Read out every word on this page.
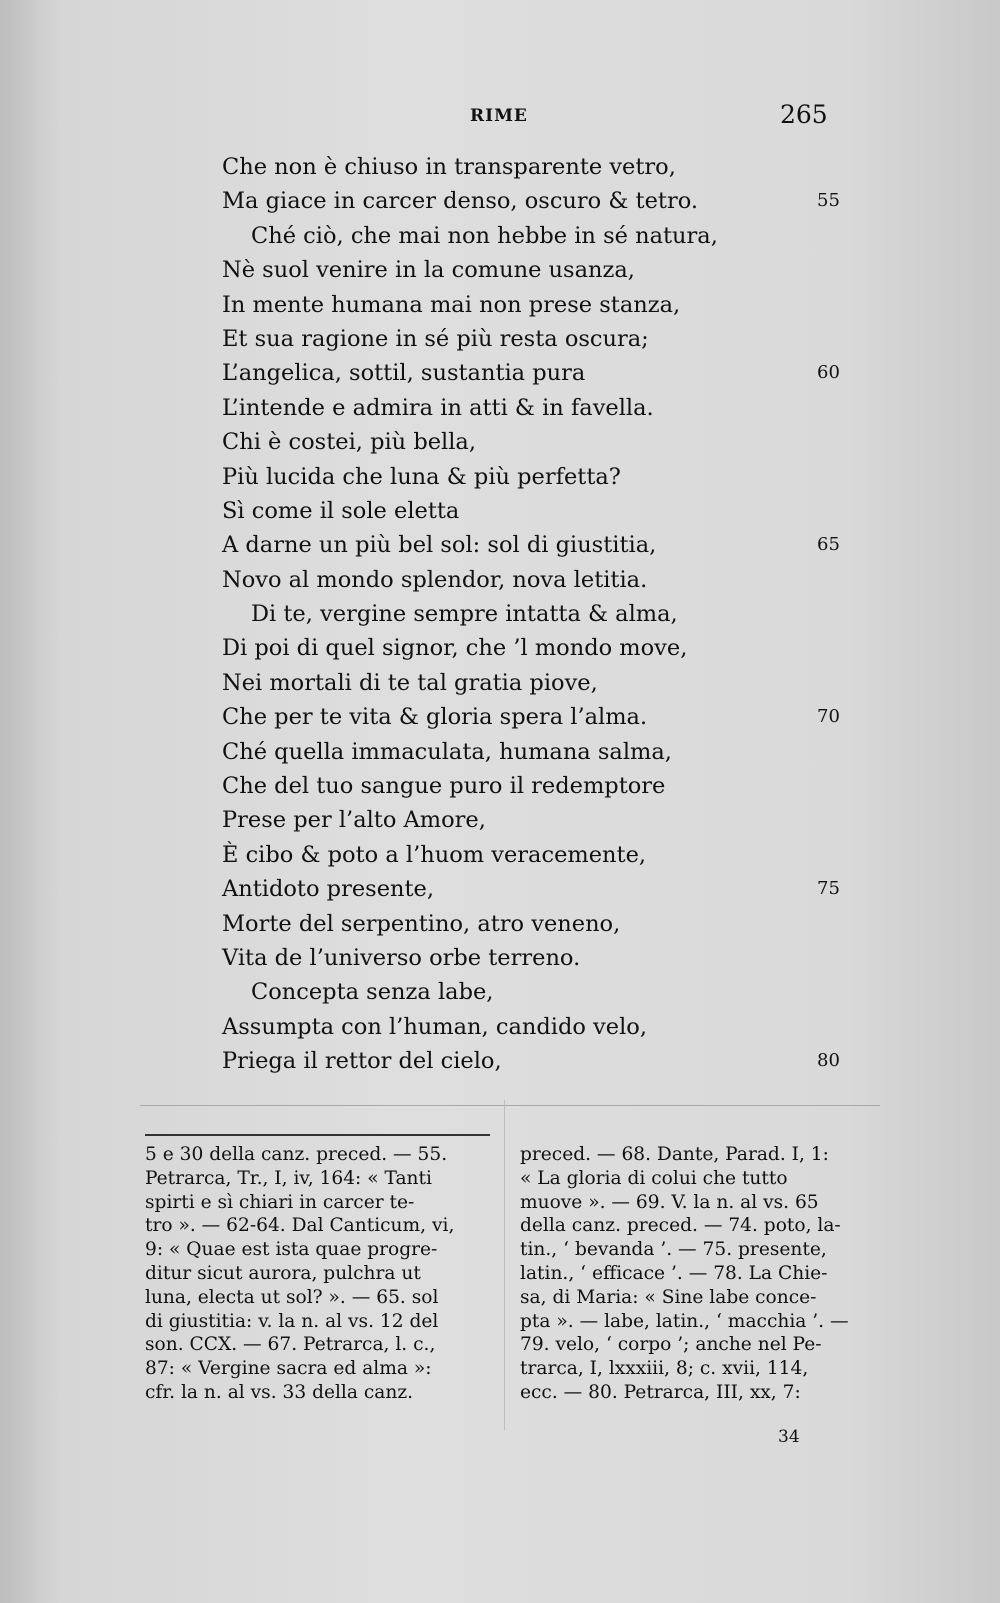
RIME	265
Che non è chiuso in transparente vetro,
Ma giace in carcer denso, oscuro & tetro.	55
Ché ciò, che mai non hebbe in sé natura,
Nè suol venire in la comune usanza,
In mente humana mai non prese stanza,
Et sua ragione in sé più resta oscura;
L’angelica, sottil, sustantia pura	60
L’intende e admira in atti & in favella.
Chi è costei, più bella,
Più lucida che luna & più perfetta?
Sì come il sole eletta
A darne un più bel sol: sol di giustitia,	65
Novo al mondo splendor, nova letitia.
Di te, vergine sempre intatta & alma,
Di poi di quel signor, che ’l mondo move,
Nei mortali di te tal gratia piove,
Che per te vita & gloria spera l’alma.	70
Ché quella immaculata, humana salma,
Che del tuo sangue puro il redemptore
Prese per l’alto Amore,
È cibo & poto a l’huom veracemente,
Antidoto presente,	75
Morte del serpentino, atro veneno,
Vita de l’universo orbe terreno.
Concepta senza labe,
Assumpta con l’human, candido velo,
Priega il rettor del cielo,	80
5 e 30 della canz. preced. — 55.
Petrarca, Tr., I, iv, 164: « Tanti
spirti e sì chiari in carcer te-
tro ». — 62-64. Dal Canticum, vi,
9: « Quae est ista quae progre-
ditur sicut aurora, pulchra ut
luna, electa ut sol? ». — 65. sol
di giustitia: v. la n. al vs. 12 del
son. CCX. — 67. Petrarca, l. c.,
87: « Vergine sacra ed alma »:
cfr. la n. al vs. 33 della canz.
preced. — 68. Dante, Parad. I, 1:
« La gloria di colui che tutto
muove ». — 69. V. la n. al vs. 65
della canz. preced. — 74. poto, la-
tin., ‘ bevanda ’. — 75. presente,
latin., ‘ efficace ’. — 78. La Chie-
sa, di Maria: « Sine labe conce-
pta ». — labe, latin., ‘ macchia ’. —
79. velo, ‘ corpo ’; anche nel Pe-
trarca, I, lxxxiii, 8; c. xvii, 114,
ecc. — 80. Petrarca, III, xx, 7:
34
